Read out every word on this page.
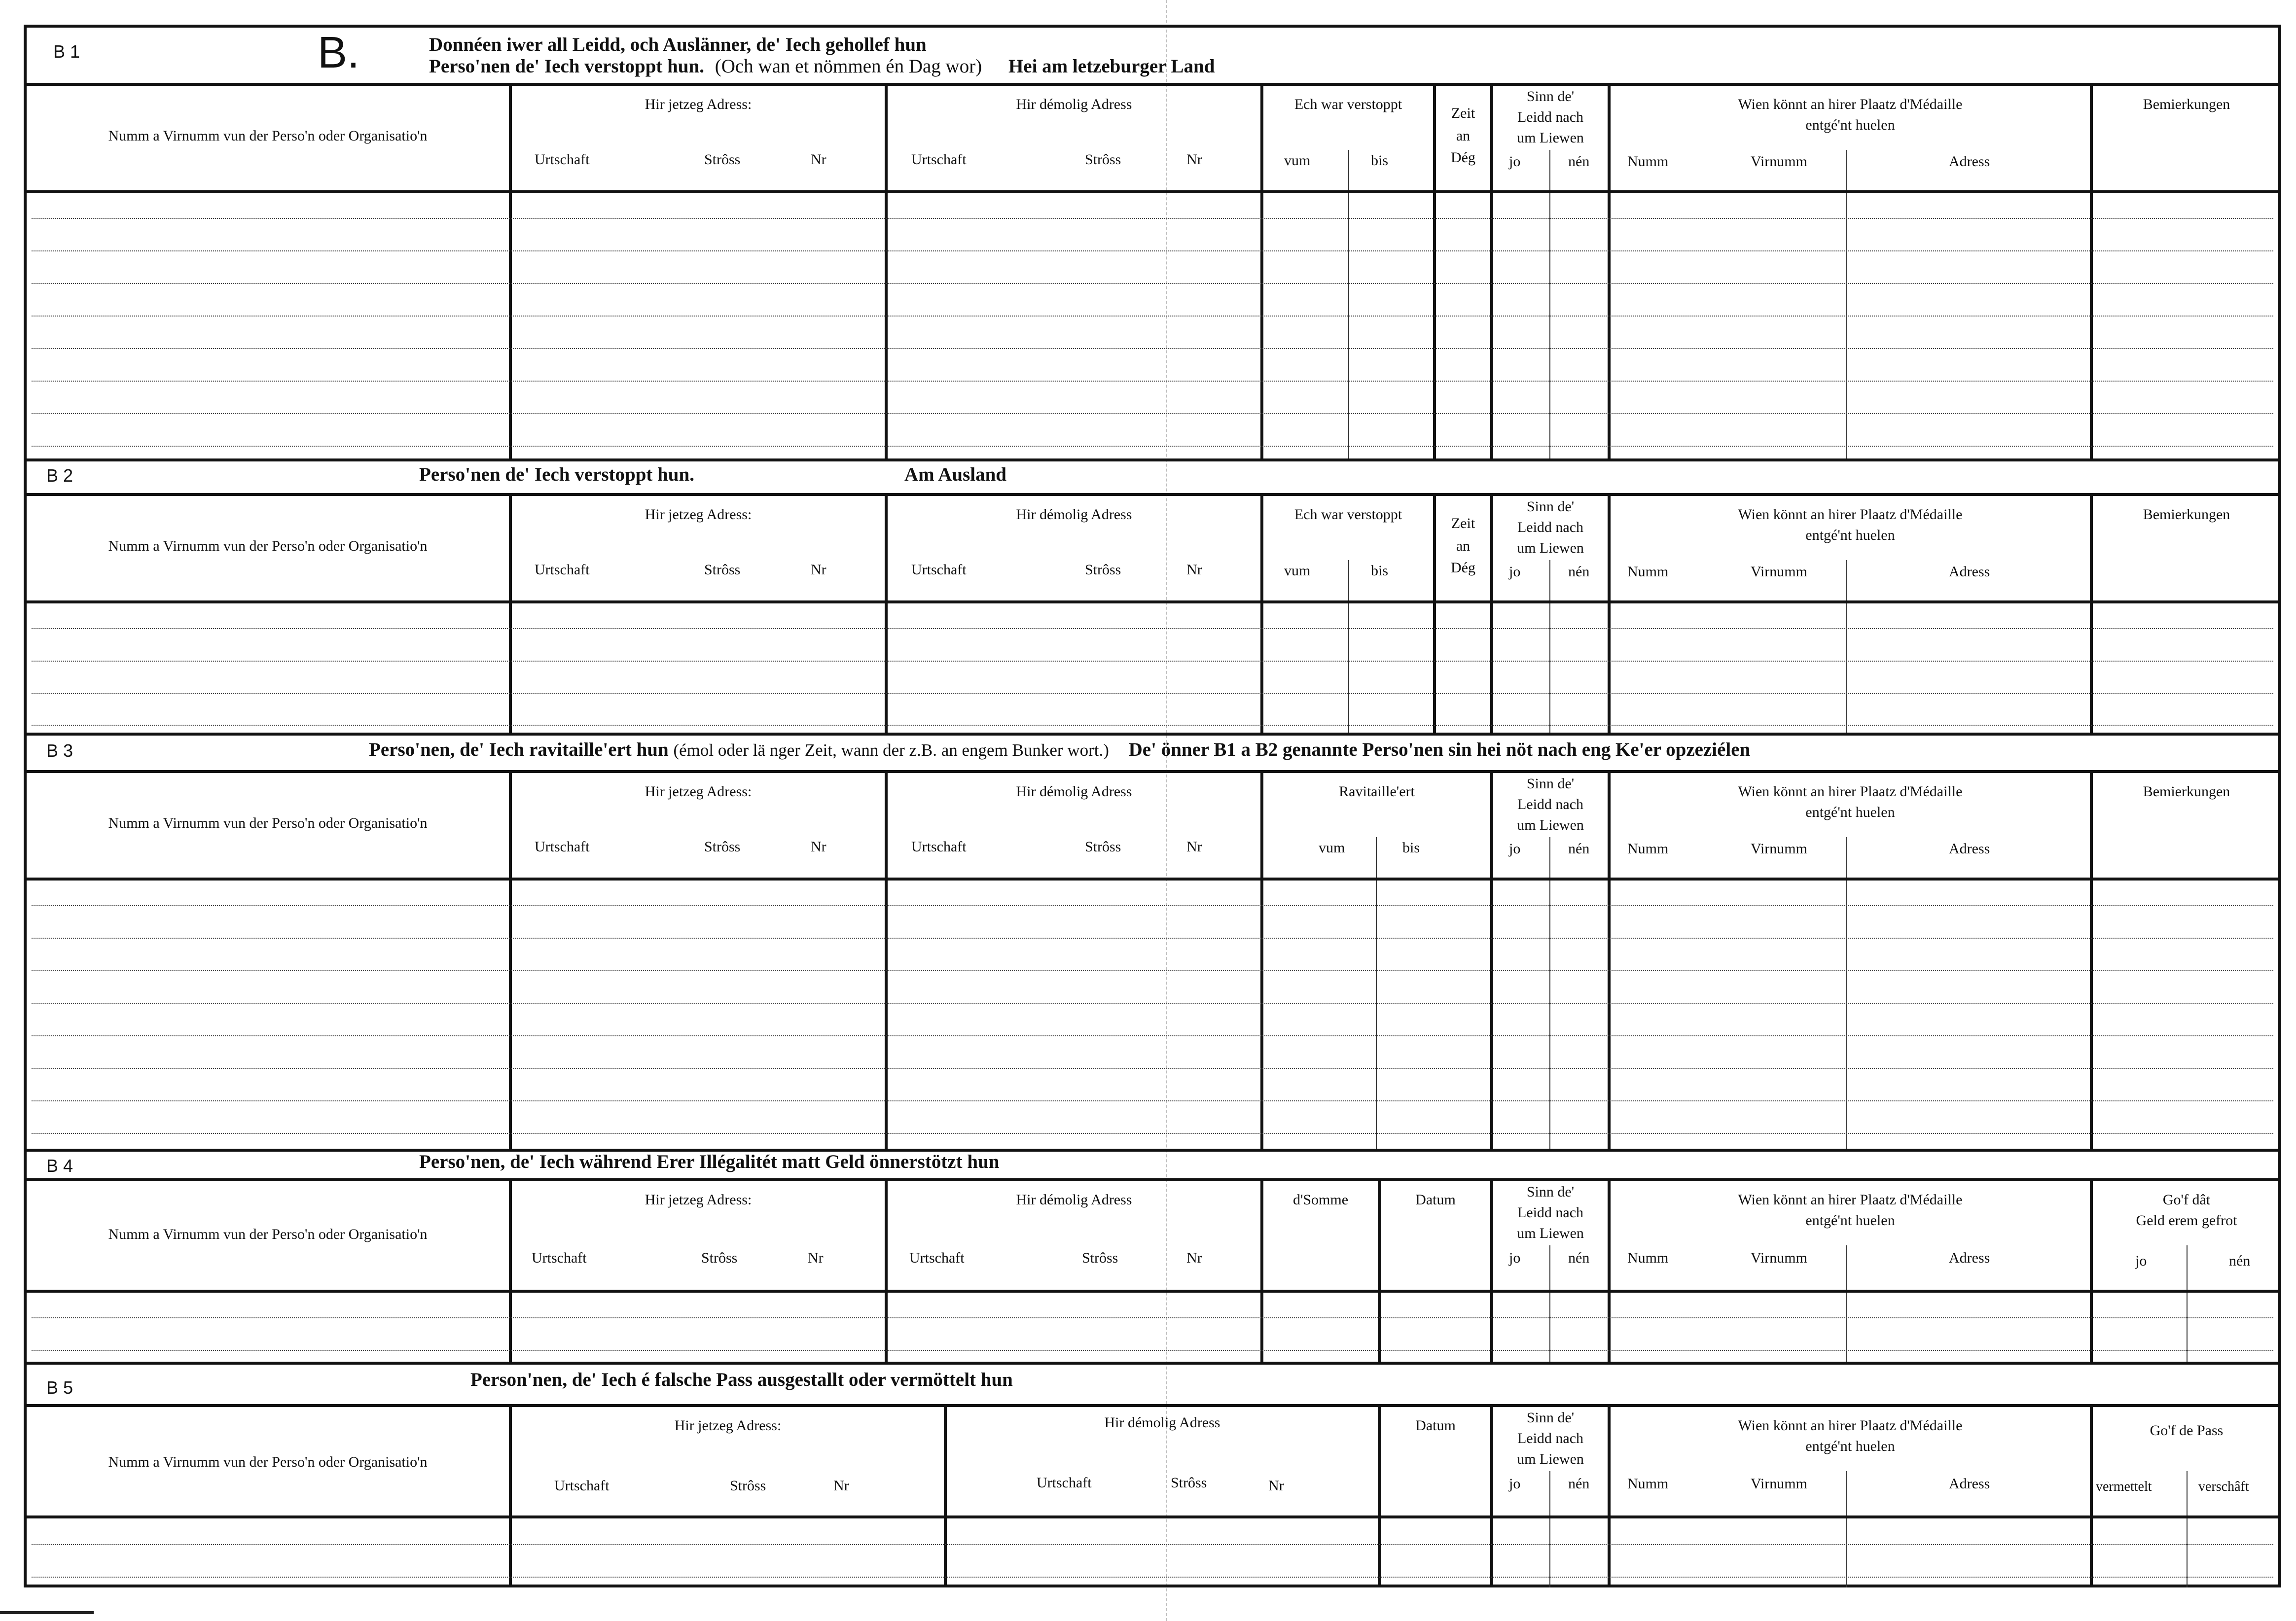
B 1	B.	Donnéen iwer all Leidd, och Auslänner, de' Iech gehollef hun
Perso'nen de' Iech verstoppt hun. (Och wan et nömmen én Dag wor) Hei am letzeburger Land
Numm a Virnumm vun der Perso'n oder Organisatio'n
Hir jetzeg Adress:
Urtschaft	Strôss	Nr
Hir démolig Adress
Urtschaft	Strôss	Nr
Ech war verstoppt
vum	bis
Zeit
an
Dég
Sinn de'
Leidd nach
um Liewen
jo	nén
Wien könnt an hirer Plaatz d'Médaille
entgé'nt huelen
Numm	Virnumm	Adress
Bemierkungen
B 2	Perso'nen de' Iech verstoppt hun.	Am Ausland
Numm a Virnumm vun der Perso'n oder Organisatio'n
Hir jetzeg Adress:
Urtschaft	Strôss	Nr
Hir démolig Adress
Urtschaft	Strôss	Nr
Ech war verstoppt
vum	bis
Zeit
an
Dég
Sinn de'
Leidd nach
um Liewen
jo	nén
Wien könnt an hirer Plaatz d'Médaille
entgé'nt huelen
Numm	Virnumm	Adress
Bemierkungen
B 3	Perso'nen, de' Iech ravitaille'ert hun (émol oder lä nger Zeit, wann der z.B. an engem Bunker wort.) De' önner B1 a B2 genannte Perso'nen sin hei nöt nach eng Ke'er opzeziélen
Numm a Virnumm vun der Perso'n oder Organisatio'n
Hir jetzeg Adress:
Urtschaft	Strôss	Nr
Hir démolig Adress
Urtschaft	Strôss	Nr
Ravitaille'ert
vum	bis
Sinn de'
Leidd nach
um Liewen
jo	nén
Wien könnt an hirer Plaatz d'Médaille
entgé'nt huelen
Numm	Virnumm	Adress
Bemierkungen
B 4	Perso'nen, de' Iech während Erer Illégalitét matt Geld önnerstötzt hun
Numm a Virnumm vun der Perso'n oder Organisatio'n
Hir jetzeg Adress:
Urtschaft	Strôss	Nr
Hir démolig Adress
Urtschaft	Strôss	Nr
d'Somme	Datum	Sinn de'
Leidd nach
um Liewen
jo	nén
Wien könnt an hirer Plaatz d'Médaille
entgé'nt huelen
Numm	Virnumm	Adress
Go'f dât
Geld erem gefrot
jo	nén
B 5	Person'nen, de' Iech é falsche Pass ausgestallt oder vermöttelt hun
Numm a Virnumm vun der Perso'n oder Organisatio'n
Hir jetzeg Adress:
Urtschaft	Strôss	Nr
Hir démolig Adress
Urtschaft	Strôss	Nr
Datum	Sinn de'
Leidd nach
um Liewen
jo	nén
Wien könnt an hirer Plaatz d'Médaille
entgé'nt huelen
Numm	Virnumm	Adress
Go'f de Pass
vermettelt	verschâft
